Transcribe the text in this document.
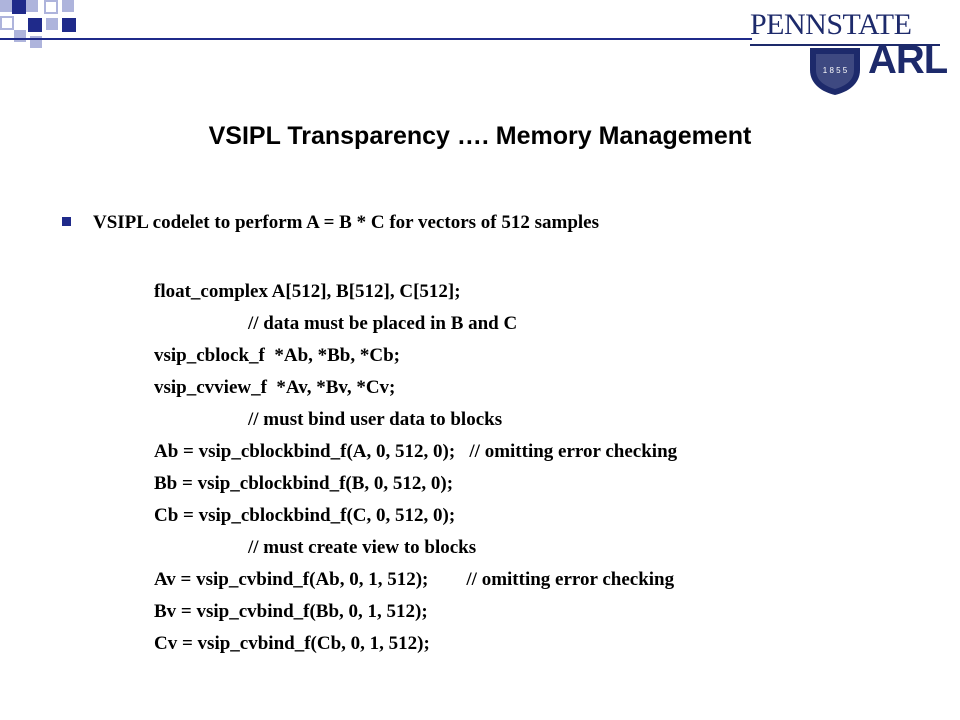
PENNSTATE
1 8 5 5 ARL
VSIPL Transparency …. Memory Management
VSIPL codelet to perform A = B * C for vectors of 512 samples
float_complex A[512], B[512], C[512];
// data must be placed in B and C
vsip_cblock_f  *Ab, *Bb, *Cb;
vsip_cvview_f  *Av, *Bv, *Cv;
// must bind user data to blocks
Ab = vsip_cblockbind_f(A, 0, 512, 0);   // omitting error checking
Bb = vsip_cblockbind_f(B, 0, 512, 0);
Cb = vsip_cblockbind_f(C, 0, 512, 0);
// must create view to blocks
Av = vsip_cvbind_f(Ab, 0, 1, 512);        // omitting error checking
Bv = vsip_cvbind_f(Bb, 0, 1, 512);
Cv = vsip_cvbind_f(Cb, 0, 1, 512);
